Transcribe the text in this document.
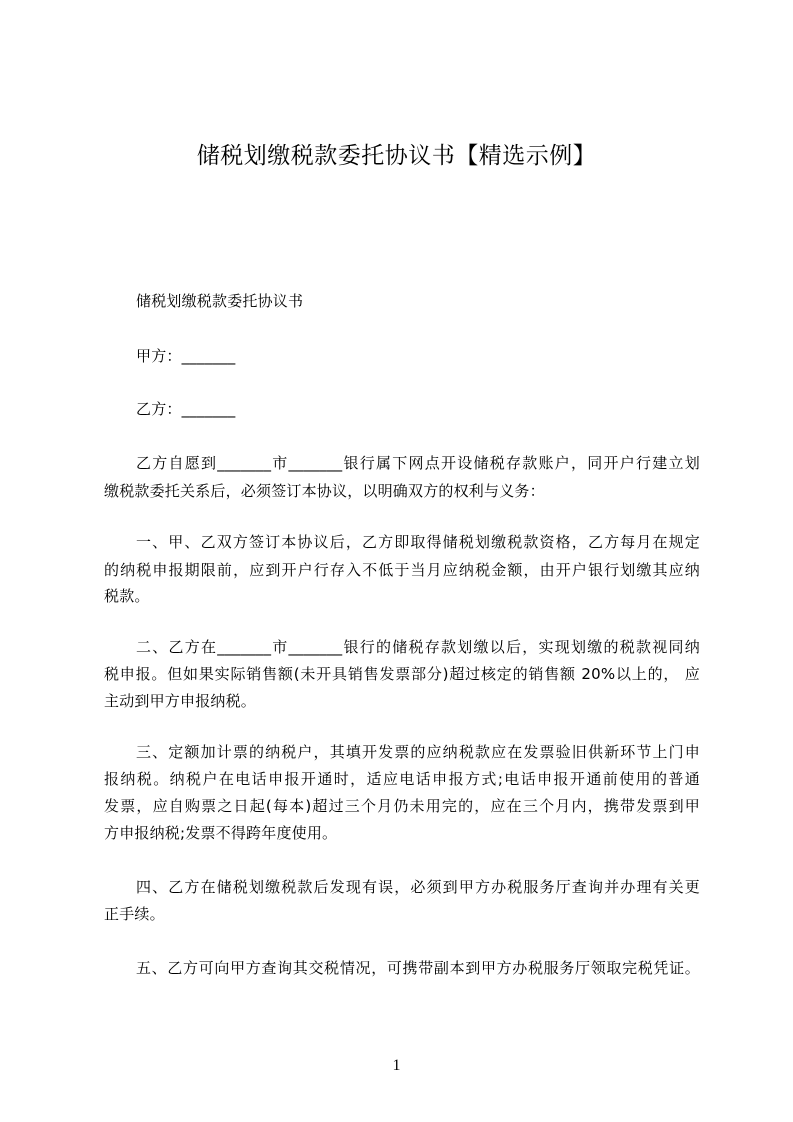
储税划缴税款委托协议书【精选示例】
储税划缴税款委托协议书
甲方：_______
乙方：_______
乙方自愿到_______市_______银行属下网点开设储税存款账户，同开户行建立划
缴税款委托关系后，必须签订本协议，以明确双方的权利与义务：
一、甲、乙双方签订本协议后，乙方即取得储税划缴税款资格，乙方每月在规定
的纳税申报期限前，应到开户行存入不低于当月应纳税金额，由开户银行划缴其应纳
税款。
二、乙方在_______市_______银行的储税存款划缴以后，实现划缴的税款视同纳
税申报。但如果实际销售额(未开具销售发票部分)超过核定的销售额 20%以上的， 应
主动到甲方申报纳税。
三、定额加计票的纳税户，其填开发票的应纳税款应在发票验旧供新环节上门申
报纳税。纳税户在电话申报开通时，适应电话申报方式;电话申报开通前使用的普通
发票，应自购票之日起(每本)超过三个月仍未用完的，应在三个月内，携带发票到甲
方申报纳税;发票不得跨年度使用。
四、乙方在储税划缴税款后发现有误，必须到甲方办税服务厅查询并办理有关更
正手续。
五、乙方可向甲方查询其交税情况，可携带副本到甲方办税服务厅领取完税凭证。
1
